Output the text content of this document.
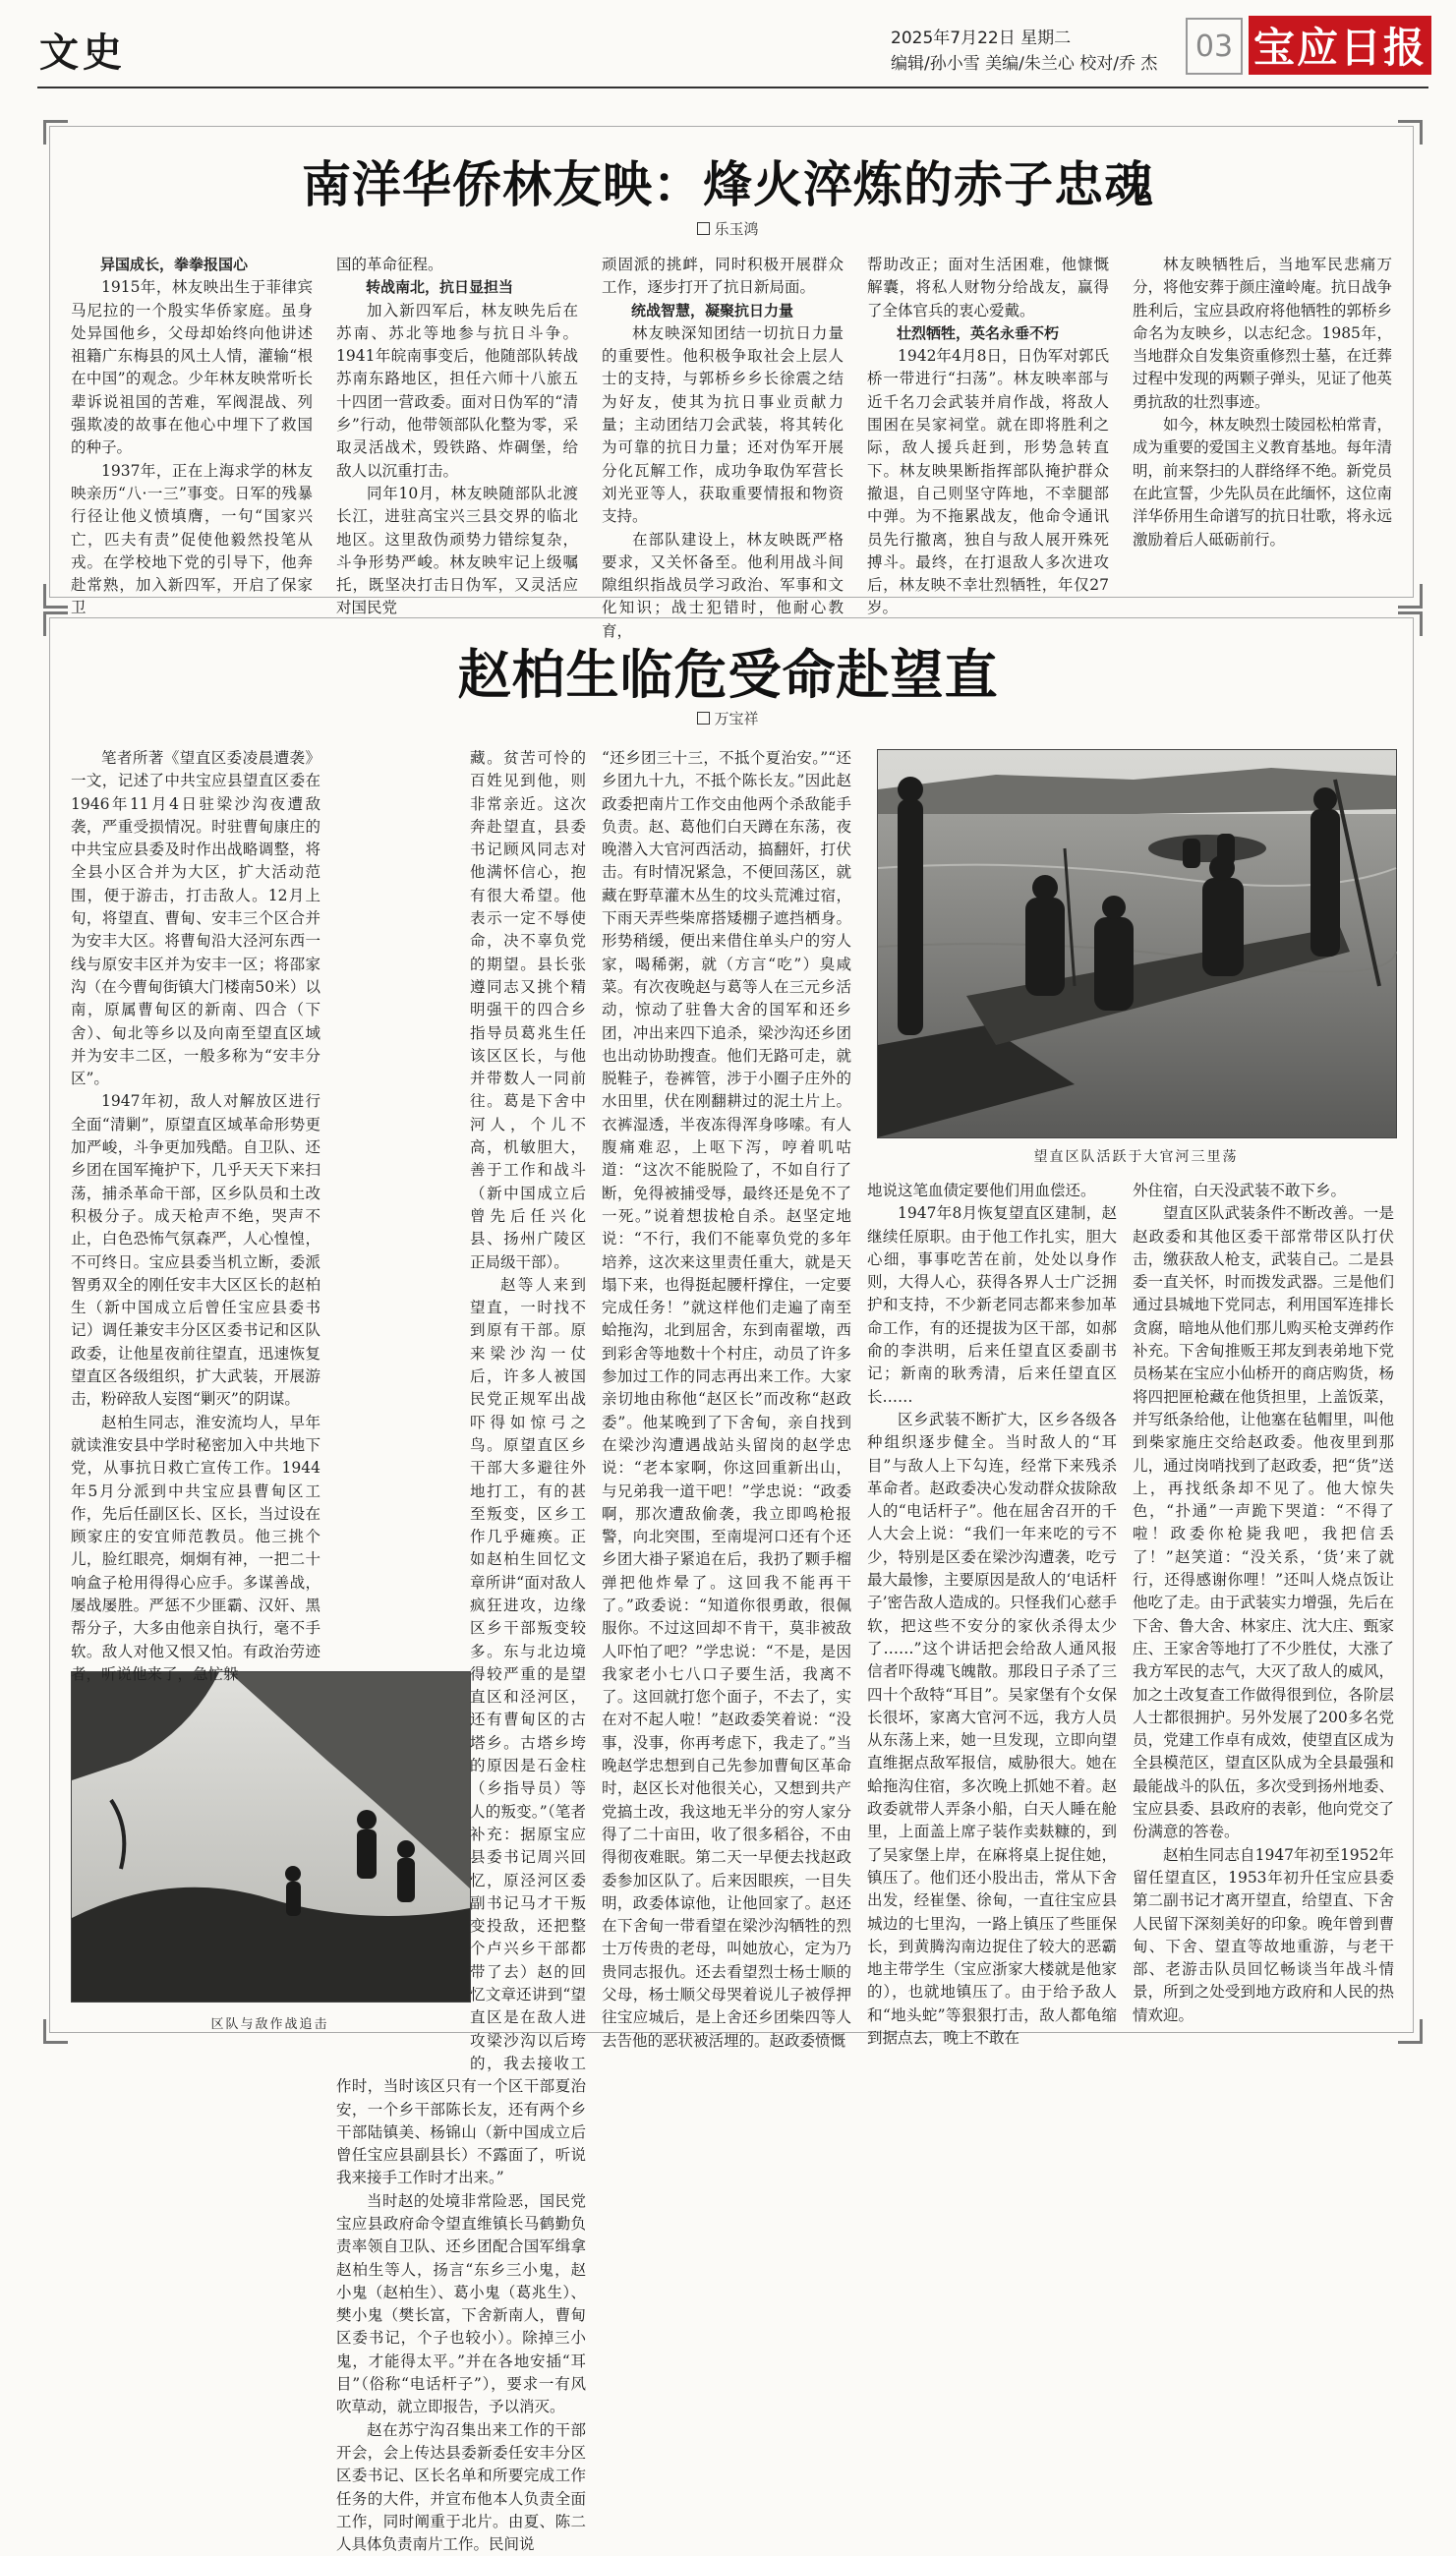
文史	2025年7月22日 星期二
编辑/孙小雪 美编/朱兰心 校对/乔 杰
03 宝应日报
南洋华侨林友映：烽火淬炼的赤子忠魂
乐玉鸿

异国成长，拳拳报国心

1915年，林友映出生于菲律宾马尼拉的一个殷实华侨家庭。虽身处异国他乡，父母却始终向他讲述祖籍广东梅县的风土人情，灌输“根在中国”的观念。少年林友映常听长辈诉说祖国的苦难，军阀混战、列强欺凌的故事在他心中埋下了救国的种子。

1937年，正在上海求学的林友映亲历“八·一三”事变。日军的残暴行径让他义愤填膺，一句“国家兴亡，匹夫有责”促使他毅然投笔从戎。在学校地下党的引导下，他奔赴常熟，加入新四军，开启了保家卫

国的革命征程。

转战南北，抗日显担当

加入新四军后，林友映先后在苏南、苏北等地参与抗日斗争。1941年皖南事变后，他随部队转战苏南东路地区，担任六师十八旅五十四团一营政委。面对日伪军的“清乡”行动，他带领部队化整为零，采取灵活战术，毁铁路、炸碉堡，给敌人以沉重打击。

同年10月，林友映随部队北渡长江，进驻高宝兴三县交界的临北地区。这里敌伪顽势力错综复杂，斗争形势严峻。林友映牢记上级嘱托，既坚决打击日伪军，又灵活应对国民党

顽固派的挑衅，同时积极开展群众工作，逐步打开了抗日新局面。

统战智慧，凝聚抗日力量

林友映深知团结一切抗日力量的重要性。他积极争取社会上层人士的支持，与郭桥乡乡长徐震之结为好友，使其为抗日事业贡献力量；主动团结刀会武装，将其转化为可靠的抗日力量；还对伪军开展分化瓦解工作，成功争取伪军营长刘光亚等人，获取重要情报和物资支持。

在部队建设上，林友映既严格要求，又关怀备至。他利用战斗间隙组织指战员学习政治、军事和文化知识；战士犯错时，他耐心教育，

帮助改正；面对生活困难，他慷慨解囊，将私人财物分给战友，赢得了全体官兵的衷心爱戴。

壮烈牺牲，英名永垂不朽

1942年4月8日，日伪军对郭氏桥一带进行“扫荡”。林友映率部与近千名刀会武装并肩作战，将敌人围困在吴家祠堂。就在即将胜利之际，敌人援兵赶到，形势急转直下。林友映果断指挥部队掩护群众撤退，自己则坚守阵地，不幸腿部中弹。为不拖累战友，他命令通讯员先行撤离，独自与敌人展开殊死搏斗。最终，在打退敌人多次进攻后，林友映不幸壮烈牺牲，年仅27岁。

林友映牺牲后，当地军民悲痛万分，将他安葬于颜庄潼岭庵。抗日战争胜利后，宝应县政府将他牺牲的郭桥乡命名为友映乡，以志纪念。1985年，当地群众自发集资重修烈士墓，在迁葬过程中发现的两颗子弹头，见证了他英勇抗敌的壮烈事迹。

如今，林友映烈士陵园松柏常青，成为重要的爱国主义教育基地。每年清明，前来祭扫的人群络绎不绝。新党员在此宣誓，少先队员在此缅怀，这位南洋华侨用生命谱写的抗日壮歌，将永远激励着后人砥砺前行。

赵柏生临危受命赴望直
万宝祥
望直区队活跃于大官河三里荡
区队与敌作战追击

笔者所著《望直区委凌晨遭袭》一文，记述了中共宝应县望直区委在1946年11月4日驻梁沙沟夜遭敌袭，严重受损情况。时驻曹甸康庄的中共宝应县委及时作出战略调整，将全县小区合并为大区，扩大活动范围，便于游击，打击敌人。12月上旬，将望直、曹甸、安丰三个区合并为安丰大区。将曹甸沿大泾河东西一线与原安丰区并为安丰一区；将邵家沟（在今曹甸街镇大门楼南50米）以南，原属曹甸区的新南、四合（下舍）、甸北等乡以及向南至望直区域并为安丰二区，一般多称为“安丰分区”。

1947年初，敌人对解放区进行全面“清剿”，原望直区域革命形势更加严峻，斗争更加残酷。自卫队、还乡团在国军掩护下，几乎天天下来扫荡，捕杀革命干部，区乡队员和土改积极分子。成天枪声不绝，哭声不止，白色恐怖气氛森严，人心惶惶，不可终日。宝应县委当机立断，委派智勇双全的刚任安丰大区区长的赵柏生（新中国成立后曾任宝应县委书记）调任兼安丰分区区委书记和区队政委，让他星夜前往望直，迅速恢复望直区各级组织，扩大武装，开展游击，粉碎敌人妄图“剿灭”的阴谋。

赵柏生同志，淮安流均人，早年就读淮安县中学时秘密加入中共地下党，从事抗日救亡宣传工作。1944年5月分派到中共宝应县曹甸区工作，先后任副区长、区长，当过设在顾家庄的安宜师范教员。他三挑个儿，脸红眼亮，炯炯有神，一把二十响盒子枪用得得心应手。多谋善战，屡战屡胜。严惩不少匪霸、汉奸、黑帮分子，大多由他亲自执行，毫不手软。敌人对他又恨又怕。有政治劳迹者，听说他来了，急忙躲

藏。贫苦可怜的百姓见到他，则非常亲近。这次奔赴望直，县委书记顾风同志对他满怀信心，抱有很大希望。他表示一定不辱使命，决不辜负党的期望。县长张遵同志又挑个精明强干的四合乡指导员葛兆生任该区区长，与他并带数人一同前往。葛是下舍中河人，个儿不高，机敏胆大，善于工作和战斗（新中国成立后曾先后任兴化县、扬州广陵区正局级干部）。

赵等人来到望直，一时找不到原有干部。原来梁沙沟一仗后，许多人被国民党正规军出战吓得如惊弓之鸟。原望直区乡干部大多避往外地打工，有的甚至叛变，区乡工作几乎瘫痪。正如赵柏生回忆文章所讲“面对敌人疯狂进攻，边缘区乡干部叛变较多。东与北边境得较严重的是望直区和泾河区，还有曹甸区的古塔乡。古塔乡垮的原因是石金柱（乡指导员）等人的叛变。”（笔者补充：据原宝应县委书记周兴回忆，原泾河区委副书记马才干叛变投敌，还把整个卢兴乡干部都带了去）赵的回忆文章还讲到“望直区是在敌人进攻梁沙沟以后垮的，我去接收工作时，当时该区只有一个区干部夏治安，一个乡干部陈长友，还有两个乡干部陆镇美、杨锦山（新中国成立后曾任宝应县副县长）不露面了，听说我来接手工作时才出来。”

当时赵的处境非常险恶，国民党宝应县政府命令望直维镇长马鹤勤负责率领自卫队、还乡团配合国军缉拿赵柏生等人，扬言“东乡三小鬼，赵小鬼（赵柏生）、葛小鬼（葛兆生）、樊小鬼（樊长富，下舍新南人，曹甸区委书记，个子也较小）。除掉三小鬼，才能得太平。”并在各地安插“耳目”（俗称“电话杆子”），要求一有风吹草动，就立即报告，予以消灭。

赵在苏宁沟召集出来工作的干部开会，会上传达县委新委任安丰分区区委书记、区长名单和所要完成工作任务的大件，并宣布他本人负责全面工作，同时阐重于北片。由夏、陈二人具体负责南片工作。民间说

“还乡团三十三，不抵个夏治安。”“还乡团九十九，不抵个陈长友。”因此赵政委把南片工作交由他两个杀敌能手负责。赵、葛他们白天蹲在东荡，夜晚潜入大官河西活动，搞翻奸，打伏击。有时情况紧急，不便回荡区，就藏在野草灌木丛生的坟头荒滩过宿，下雨天弄些柴席搭矮棚子遮挡栖身。形势稍缓，便出来借住单头户的穷人家，喝稀粥，就（方言“吃”）臭咸菜。有次夜晚赵与葛等人在三元乡活动，惊动了驻鲁大舍的国军和还乡团，冲出来四下追杀，梁沙沟还乡团也出动协助搜查。他们无路可走，就脱鞋子，卷裤管，涉于小圈子庄外的水田里，伏在刚翻耕过的泥土片上。衣裤湿透，半夜冻得浑身哆嗦。有人腹痛难忍，上呕下泻，哼着叽咕道：“这次不能脱险了，不如自行了断，免得被捕受辱，最终还是免不了一死。”说着想拔枪自杀。赵坚定地说：“不行，我们不能辜负党的多年培养，这次来这里责任重大，就是天塌下来，也得挺起腰杆撑住，一定要完成任务！”就这样他们走遍了南至蛤拖沟，北到屈舍，东到南翟墩，西到彩舍等地数十个村庄，动员了许多参加过工作的同志再出来工作。大家亲切地由称他“赵区长”而改称“赵政委”。他某晚到了下舍甸，亲自找到在梁沙沟遭遇战站头留岗的赵学忠说：“老本家啊，你这回重新出山，与兄弟我一道干吧！”学忠说：“政委啊，那次遭敌偷袭，我立即鸣枪报警，向北突围，至南堤河口还有个还乡团大褂子紧追在后，我扔了颗手榴弹把他炸晕了。这回我不能再干了。”政委说：“知道你很勇敢，很佩服你。不过这回却不肯干，莫非被敌人吓怕了吧？”学忠说：“不是，是因我家老小七八口子要生活，我离不了。这回就打您个面子，不去了，实在对不起人啦！”赵政委笑着说：“没事，没事，你再考虑下，我走了。”当晚赵学忠想到自己先参加曹甸区革命时，赵区长对他很关心，又想到共产党搞土改，我这地无半分的穷人家分得了二十亩田，收了很多稻谷，不由得彻夜难眠。第二天一早便去找赵政委参加区队了。后来因眼疾，一目失明，政委体谅他，让他回家了。赵还在下舍甸一带看望在梁沙沟牺牲的烈士万传贵的老母，叫她放心，定为乃贵同志报仇。还去看望烈士杨士顺的父母，杨士顺父母哭着说儿子被俘押往宝应城后，是上舍还乡团柴四等人去告他的恶状被活埋的。赵政委愤慨

地说这笔血债定要他们用血偿还。

1947年8月恢复望直区建制，赵继续任原职。由于他工作扎实，胆大心细，事事吃苦在前，处处以身作则，大得人心，获得各界人士广泛拥护和支持，不少新老同志都来参加革命工作，有的还提拔为区干部，如郝俞的李洪明，后来任望直区委副书记；新南的耿秀清，后来任望直区长……

区乡武装不断扩大，区乡各级各种组织逐步健全。当时敌人的“耳目”与敌人上下勾连，经常下来残杀革命者。赵政委决心发动群众拔除敌人的“电话杆子”。他在屈舍召开的千人大会上说：“我们一年来吃的亏不少，特别是区委在梁沙沟遭袭，吃亏最大最惨，主要原因是敌人的‘电话杆子’密告敌人造成的。只怪我们心慈手软，把这些不安分的家伙杀得太少了……”这个讲话把会给敌人通风报信者吓得魂飞魄散。那段日子杀了三四十个敌特“耳目”。吴家堡有个女保长很坏，家离大官河不远，我方人员从东荡上来，她一旦发现，立即向望直维据点敌军报信，威胁很大。她在蛤拖沟住宿，多次晚上抓她不着。赵政委就带人弄条小船，白天人睡在舱里，上面盖上席子装作卖麸糠的，到了吴家堡上岸，在麻将桌上捉住她，镇压了。他们还小股出击，常从下舍出发，经崔堡、徐甸，一直往宝应县城边的七里沟，一路上镇压了些匪保长，到黄腾沟南边捉住了较大的恶霸地主带学生（宝应浙家大楼就是他家的），也就地镇压了。由于给予敌人和“地头蛇”等狠狠打击，敌人都龟缩到据点去，晚上不敢在

外住宿，白天没武装不敢下乡。

望直区队武装条件不断改善。一是赵政委和其他区委干部常带区队打伏击，缴获敌人枪支，武装自己。二是县委一直关怀，时而拨发武器。三是他们通过县城地下党同志，利用国军连排长贪腐，暗地从他们那儿购买枪支弹药作补充。下舍甸推贩王邦友到表弟地下党员杨某在宝应小仙桥开的商店购货，杨将四把匣枪藏在他货担里，上盖饭菜，并写纸条给他，让他塞在毡帽里，叫他到柴家施庄交给赵政委。他夜里到那儿，通过岗哨找到了赵政委，把“货”送上，再找纸条却不见了。他大惊失色，“扑通”一声跪下哭道：“不得了啦！政委你枪毙我吧，我把信丢了！”赵笑道：“没关系，‘货’来了就行，还得感谢你哩！”还叫人烧点饭让他吃了走。由于武装实力增强，先后在下舍、鲁大舍、林家庄、沈大庄、甄家庄、王家舍等地打了不少胜仗，大涨了我方军民的志气，大灭了敌人的威风，加之土改复查工作做得很到位，各阶层人士都很拥护。另外发展了200多名党员，党建工作卓有成效，使望直区成为全县模范区，望直区队成为全县最强和最能战斗的队伍，多次受到扬州地委、宝应县委、县政府的表彰，他向党交了份满意的答卷。

赵柏生同志自1947年初至1952年留任望直区，1953年初升任宝应县委第二副书记才离开望直，给望直、下舍人民留下深刻美好的印象。晚年曾到曹甸、下舍、望直等故地重游，与老干部、老游击队员回忆畅谈当年战斗情景，所到之处受到地方政府和人民的热情欢迎。
